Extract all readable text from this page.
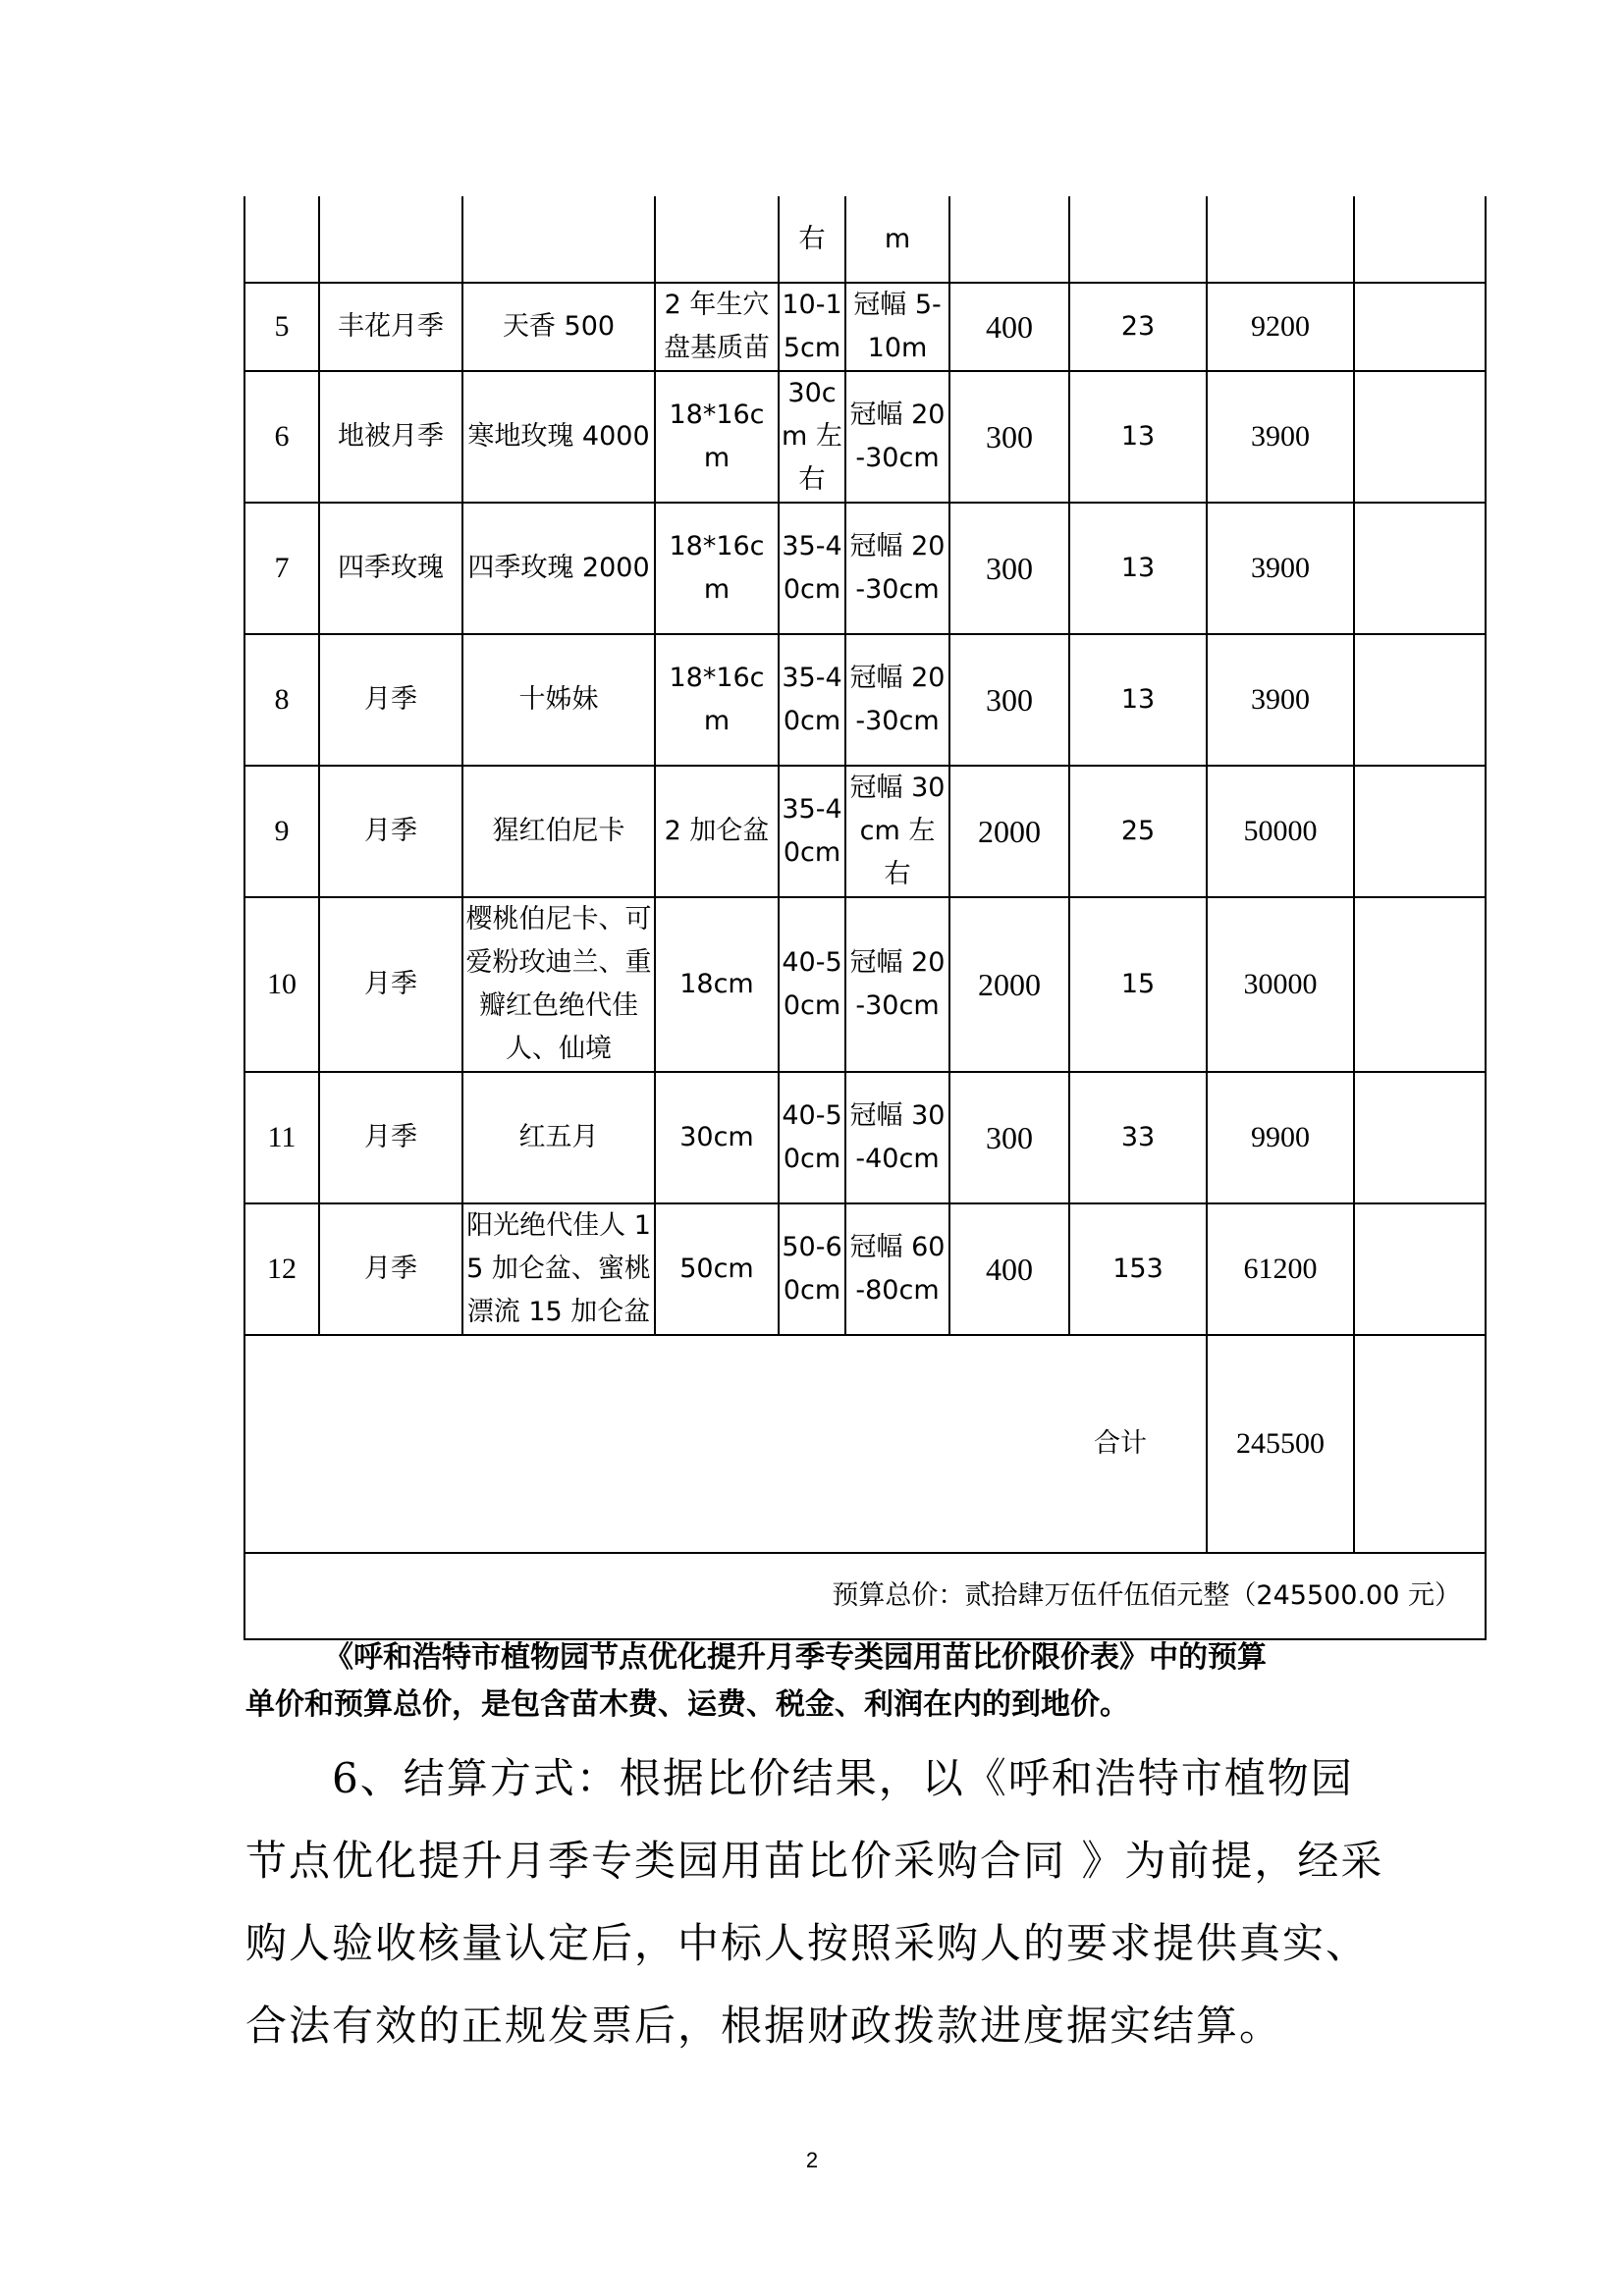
				右	m				
5	丰花月季	天香 500	2 年生穴盘基质苗	10-15cm	冠幅 5-10m	400	23	9200	
6	地被月季	寒地玫瑰 4000	18*16cm	30cm 左右	冠幅 20-30cm	300	13	3900	
7	四季玫瑰	四季玫瑰 2000	18*16cm	35-40cm	冠幅 20-30cm	300	13	3900	
8	月季	十姊妹	18*16cm	35-40cm	冠幅 20-30cm	300	13	3900	
9	月季	猩红伯尼卡	2 加仑盆	35-40cm	冠幅 30cm 左右	2000	25	50000	
10	月季	樱桃伯尼卡、可爱粉玫迪兰、重瓣红色绝代佳人、仙境	18cm	40-50cm	冠幅 20-30cm	2000	15	30000	
11	月季	红五月	30cm	40-50cm	冠幅 30-40cm	300	33	9900	
12	月季	阳光绝代佳人 15 加仑盆、蜜桃漂流 15 加仑盆	50cm	50-60cm	冠幅 60-80cm	400	153	61200	
合计								245500	
预算总价：贰拾肆万伍仟伍佰元整（245500.00 元）									
《呼和浩特市植物园节点优化提升月季专类园用苗比价限价表》中的预算
单价和预算总价，是包含苗木费、运费、税金、利润在内的到地价。
6、结算方式：根据比价结果，以《呼和浩特市植物园节点优化提升月季专类园用苗比价采购合同 》为前提，经采购人验收核量认定后，中标人按照采购人的要求提供真实、合法有效的正规发票后，根据财政拨款进度据实结算。
2
